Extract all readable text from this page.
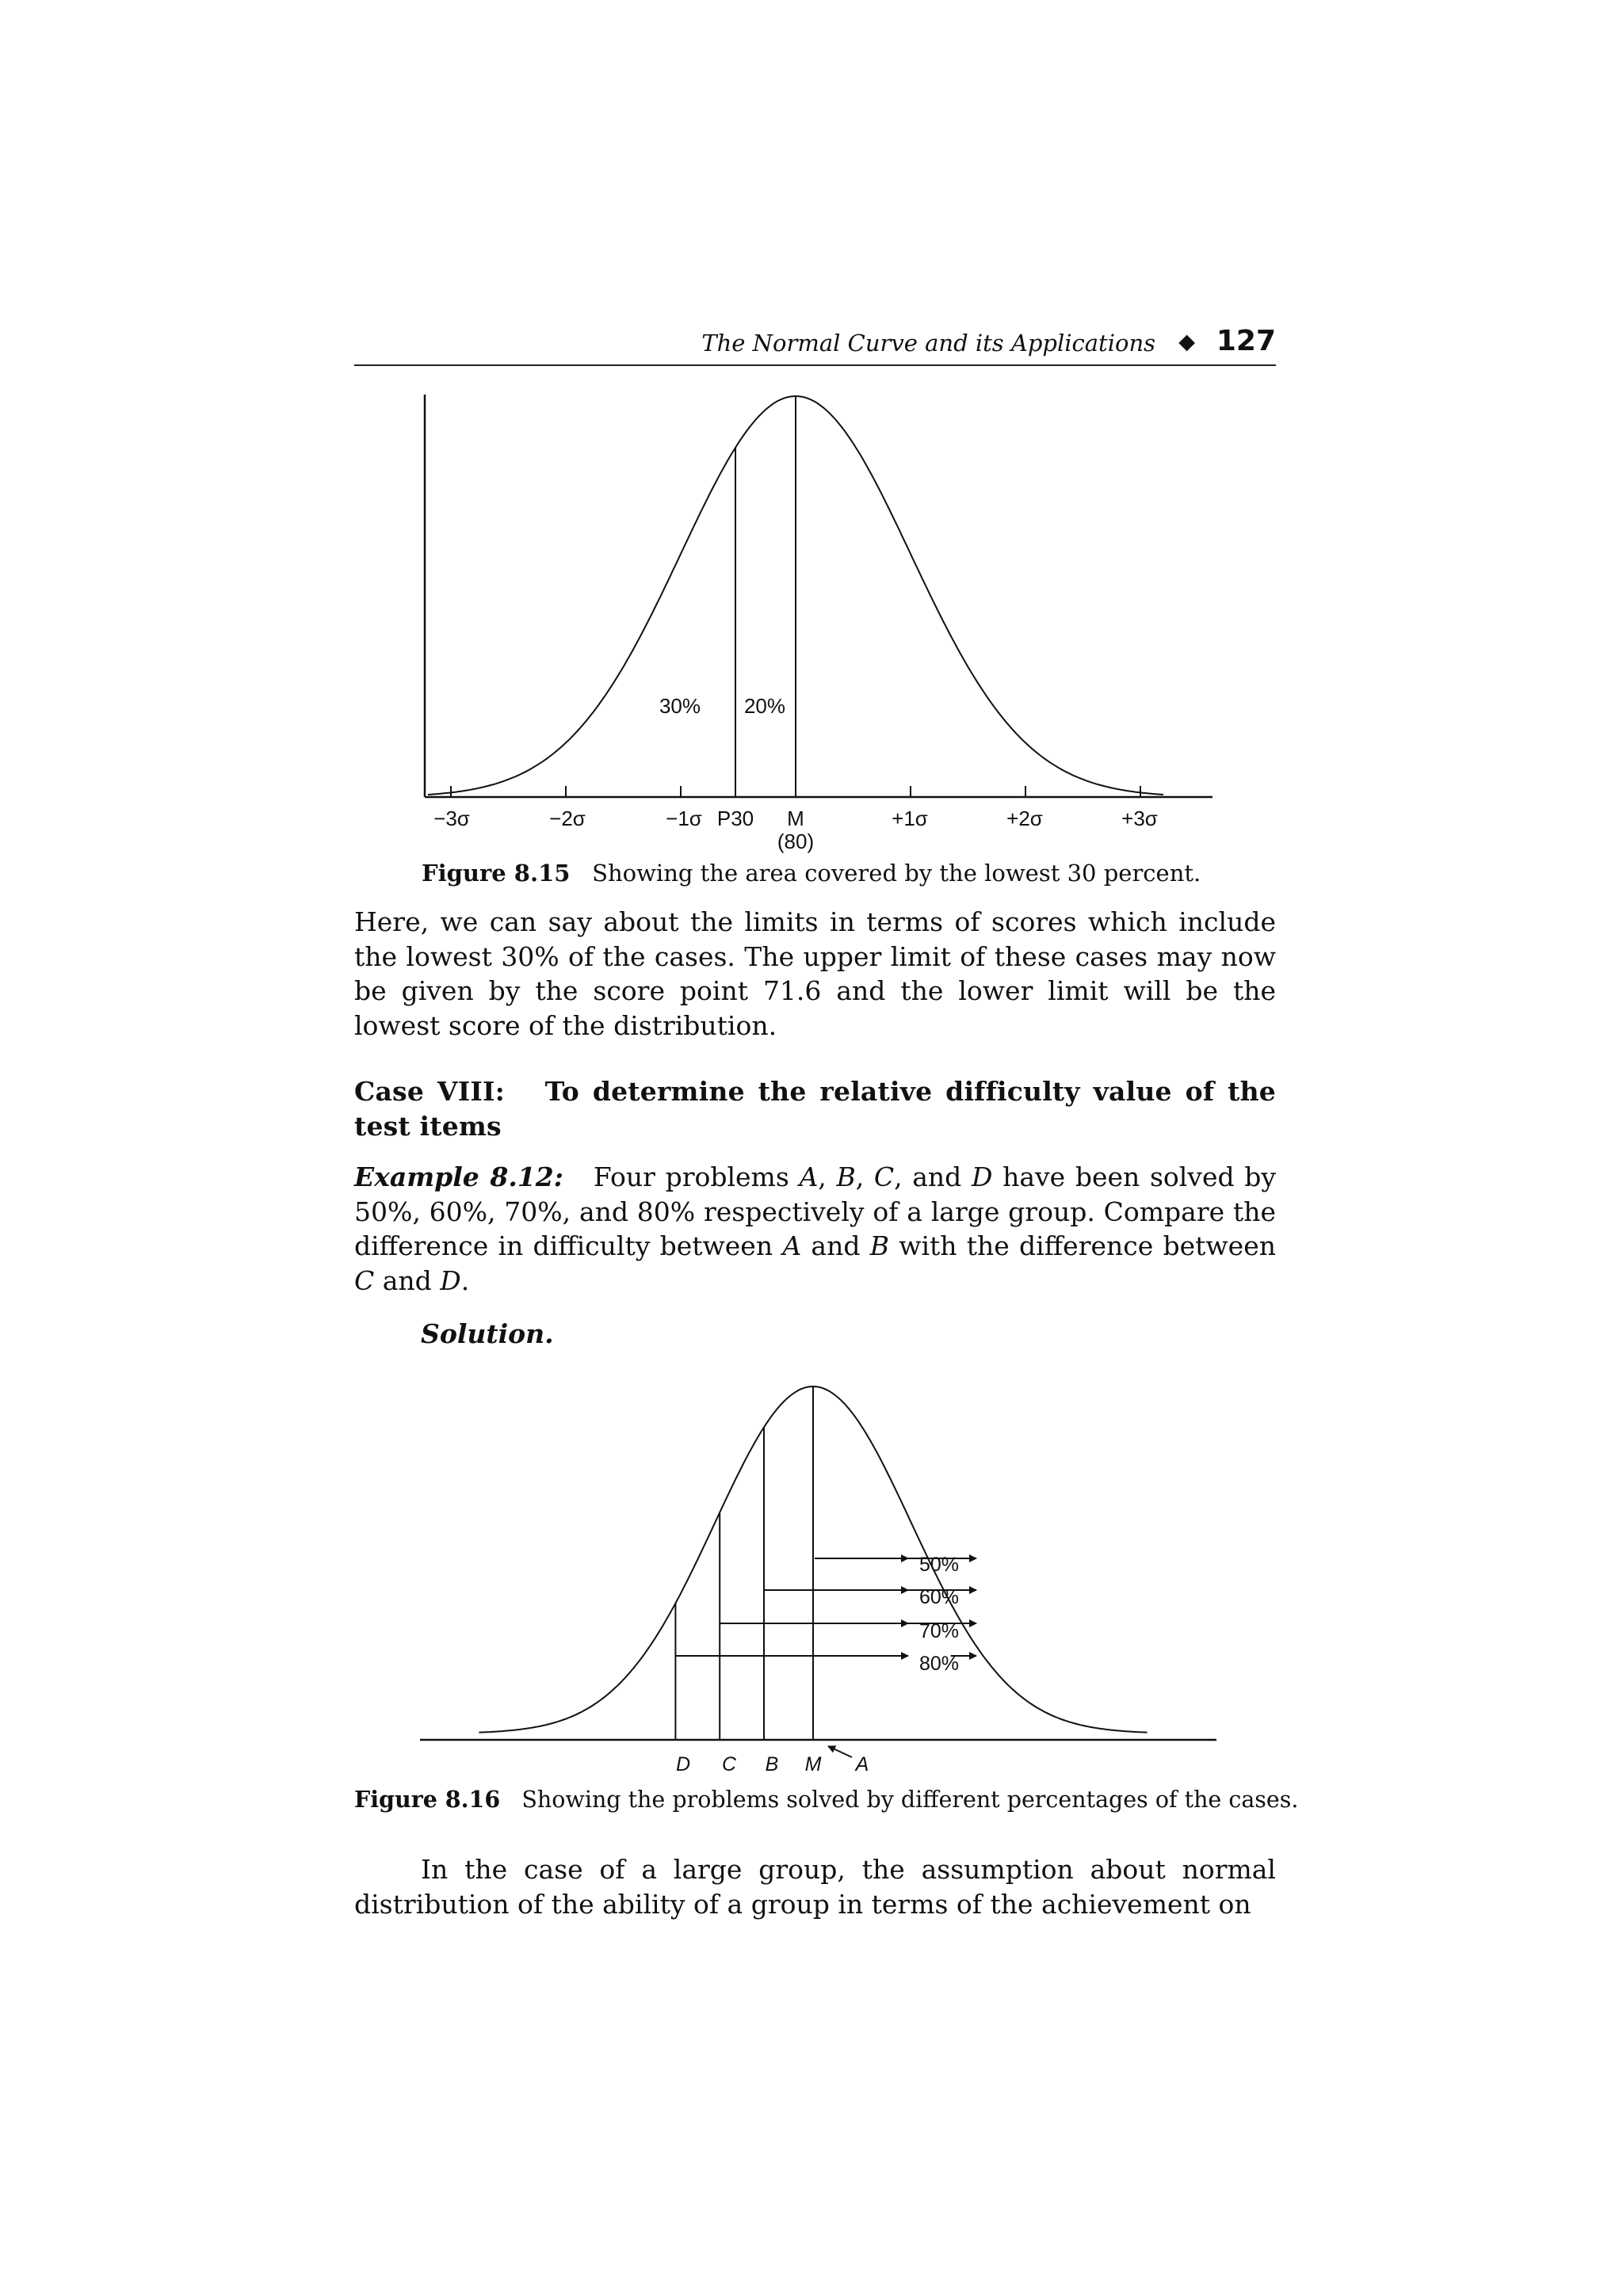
The Normal Curve and its Applications ◆ 127
30% 20%
−3σ	−2σ	−1σ P30 M
(80)
+1σ	+2σ	+3σ
Figure 8.15 Showing the area covered by the lowest 30 percent.

Here, we can say about the limits in terms of scores which include the lowest 30% of the cases. The upper limit of these cases may now be given by the score point 71.6 and the lower limit will be the lowest score of the distribution.

Case VIII: To determine the relative difficulty value of the test items

Example 8.12: Four problems A, B, C, and D have been solved by 50%, 60%, 70%, and 80% respectively of a large group. Compare the difference in difficulty between A and B with the difference between C and D.

Solution.

50%
60%
70%
80%
D C B M A
Figure 8.16 Showing the problems solved by different percentages of the cases.

In the case of a large group, the assumption about normal distribution of the ability of a group in terms of the achievement on
